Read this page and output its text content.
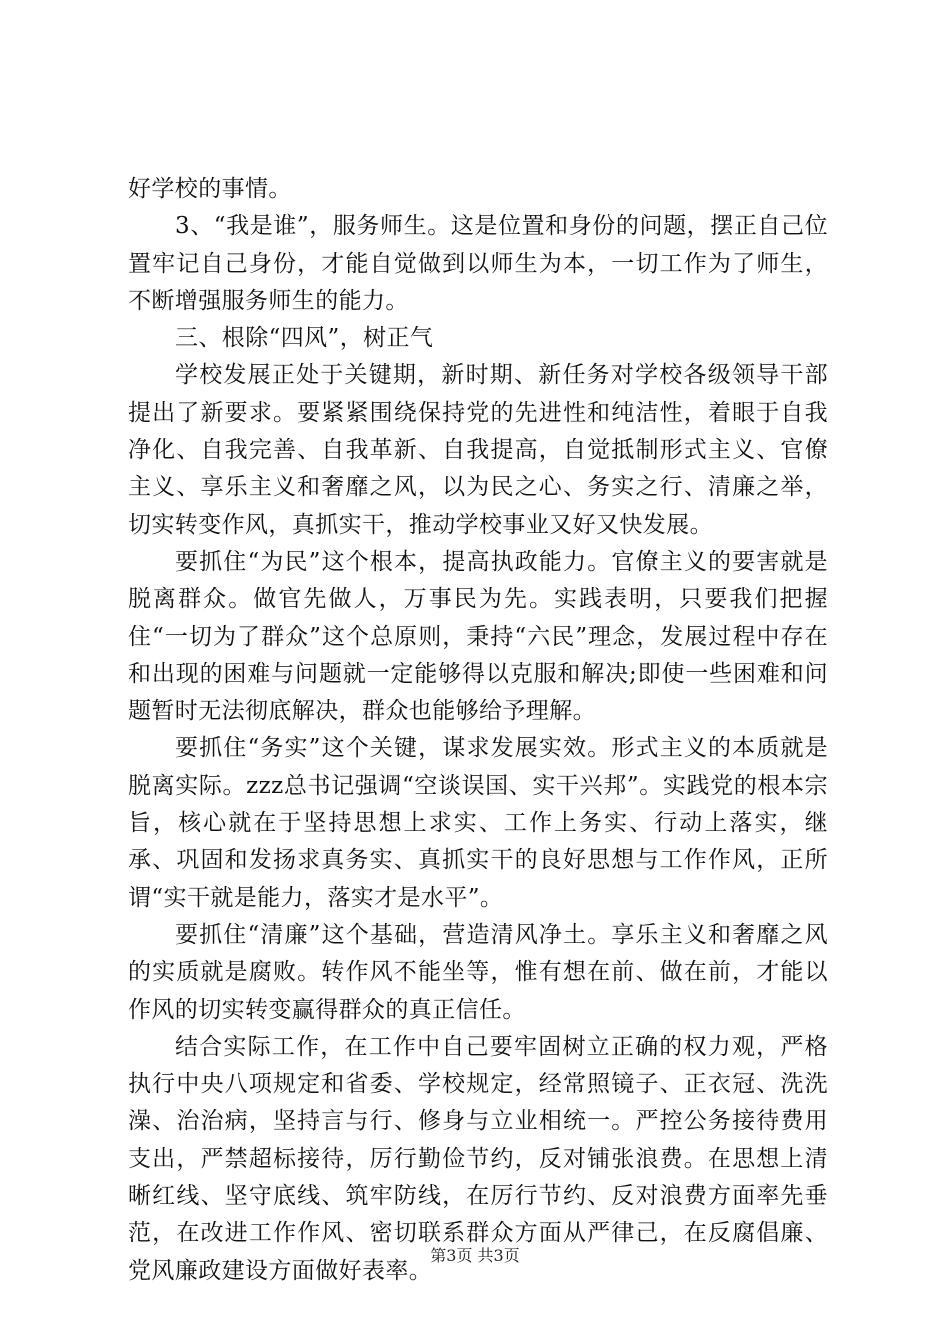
好学校的事情。

3、“我是谁”，服务师生。这是位置和身份的问题，摆正自己位置牢记自己身份，才能自觉做到以师生为本，一切工作为了师生，不断增强服务师生的能力。

三、根除“四风”，树正气

学校发展正处于关键期，新时期、新任务对学校各级领导干部提出了新要求。要紧紧围绕保持党的先进性和纯洁性，着眼于自我净化、自我完善、自我革新、自我提高，自觉抵制形式主义、官僚主义、享乐主义和奢靡之风，以为民之心、务实之行、清廉之举，切实转变作风，真抓实干，推动学校事业又好又快发展。

要抓住“为民”这个根本，提高执政能力。官僚主义的要害就是脱离群众。做官先做人，万事民为先。实践表明，只要我们把握住“一切为了群众”这个总原则，秉持“六民”理念，发展过程中存在和出现的困难与问题就一定能够得以克服和解决;即使一些困难和问题暂时无法彻底解决，群众也能够给予理解。

要抓住“务实”这个关键，谋求发展实效。形式主义的本质就是脱离实际。zzz总书记强调“空谈误国、实干兴邦”。实践党的根本宗旨，核心就在于坚持思想上求实、工作上务实、行动上落实，继承、巩固和发扬求真务实、真抓实干的良好思想与工作作风，正所谓“实干就是能力，落实才是水平”。

要抓住“清廉”这个基础，营造清风净土。享乐主义和奢靡之风的实质就是腐败。转作风不能坐等，惟有想在前、做在前，才能以作风的切实转变赢得群众的真正信任。

结合实际工作，在工作中自己要牢固树立正确的权力观，严格执行中央八项规定和省委、学校规定，经常照镜子、正衣冠、洗洗澡、治治病，坚持言与行、修身与立业相统一。严控公务接待费用支出，严禁超标接待，厉行勤俭节约，反对铺张浪费。在思想上清晰红线、坚守底线、筑牢防线，在厉行节约、反对浪费方面率先垂范，在改进工作作风、密切联系群众方面从严律己，在反腐倡廉、党风廉政建设方面做好表率。

第3页 共3页
